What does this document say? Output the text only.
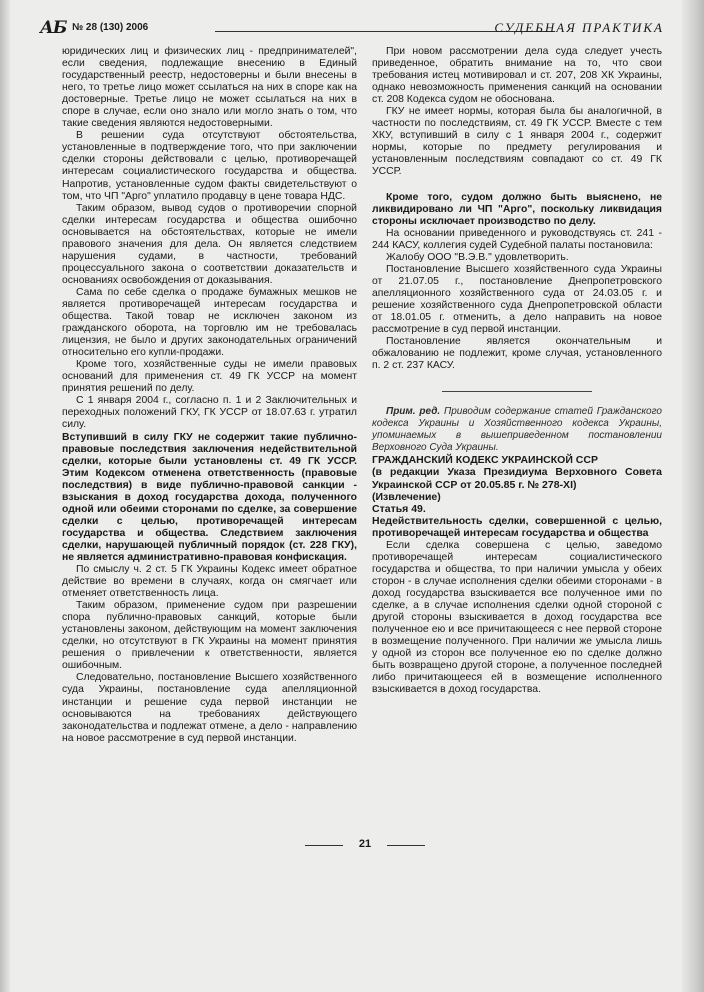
АБ № 28 (130) 2006	СУДЕБНАЯ ПРАКТИКА

юридических лиц и физических лиц - предпринимателей", если сведения, подлежащие внесению в Единый государственный реестр, недостоверны и были внесены в него, то третье лицо может ссылаться на них в споре как на достоверные. Третье лицо не может ссылаться на них в споре в случае, если оно знало или могло знать о том, что такие сведения являются недостоверными.

В решении суда отсутствуют обстоятельства, установленные в подтверждение того, что при заключении сделки стороны действовали с целью, противоречащей интересам социалистического государства и общества. Напротив, установленные судом факты свидетельствуют о том, что ЧП "Арго" уплатило продавцу в цене товара НДС.

Таким образом, вывод судов о противоречии спорной сделки интересам государства и общества ошибочно основывается на обстоятельствах, которые не имели правового значения для дела. Он является следствием нарушения судами, в частности, требований процессуального закона о соответствии доказательств и основаниях освобождения от доказывания.

Сама по себе сделка о продаже бумажных мешков не является противоречащей интересам государства и общества. Такой товар не исключен законом из гражданского оборота, на торговлю им не требовалась лицензия, не было и других законодательных ограничений относительно его купли-продажи.

Кроме того, хозяйственные суды не имели правовых оснований для применения ст. 49 ГК УССР на момент принятия решений по делу.

С 1 января 2004 г., согласно п. 1 и 2 Заключительных и переходных положений ГКУ, ГК УССР от 18.07.63 г. утратил силу.

Вступивший в силу ГКУ не содержит такие публично-правовые последствия заключения недействительной сделки, которые были установлены ст. 49 ГК УССР. Этим Кодексом отменена ответственность (правовые последствия) в виде публично-правовой санкции - взыскания в доход государства дохода, полученного одной или обеими сторонами по сделке, за совершение сделки с целью, противоречащей интересам государства и общества. Следствием заключения сделки, нарушающей публичный порядок (ст. 228 ГКУ), не является административно-правовая конфискация.

По смыслу ч. 2 ст. 5 ГК Украины Кодекс имеет обратное действие во времени в случаях, когда он смягчает или отменяет ответственность лица.

Таким образом, применение судом при разрешении спора публично-правовых санкций, которые были установлены законом, действующим на момент заключения сделки, но отсутствуют в ГК Украины на момент принятия решения о привлечении к ответственности, является ошибочным.

Следовательно, постановление Высшего хозяйственного суда Украины, постановление суда апелляционной инстанции и решение суда первой инстанции не основываются на требованиях действующего законодательства и подлежат отмене, а дело - направлению на новое рассмотрение в суд первой инстанции.

При новом рассмотрении дела суда следует учесть приведенное, обратить внимание на то, что свои требования истец мотивировал и ст. 207, 208 ХК Украины, однако невозможность применения санкций на основании ст. 208 Кодекса судом не обоснована.

ГКУ не имеет нормы, которая была бы аналогичной, в частности по последствиям, ст. 49 ГК УССР. Вместе с тем ХКУ, вступивший в силу с 1 января 2004 г., содержит нормы, которые по предмету регулирования и установленным последствиям совпадают со ст. 49 ГК УССР.

Кроме того, судом должно быть выяснено, не ликвидировано ли ЧП "Арго", поскольку ликвидация стороны исключает производство по делу.

На основании приведенного и руководствуясь ст. 241 - 244 КАСУ, коллегия судей Судебной палаты постановила:

Жалобу ООО "В.Э.В." удовлетворить.

Постановление Высшего хозяйственного суда Украины от 21.07.05 г., постановление Днепропетровского апелляционного хозяйственного суда от 24.03.05 г. и решение хозяйственного суда Днепропетровской области от 18.01.05 г. отменить, а дело направить на новое рассмотрение в суд первой инстанции.

Постановление является окончательным и обжалованию не подлежит, кроме случая, установленного п. 2 ст. 237 КАСУ.

Прим. ред. Приводим содержание статей Гражданского кодекса Украины и Хозяйственного кодекса Украины, упоминаемых в вышеприведенном постановлении Верховного Суда Украины.

ГРАЖДАНСКИЙ КОДЕКС УКРАИНСКОЙ ССР

(в редакции Указа Президиума Верховного Совета Украинской ССР от 20.05.85 г. № 278-XI)

(Извлечение)

Статья 49.

Недействительность сделки, совершенной с целью, противоречащей интересам государства и общества

Если сделка совершена с целью, заведомо противоречащей интересам социалистического государства и общества, то при наличии умысла у обеих сторон - в случае исполнения сделки обеими сторонами - в доход государства взыскивается все полученное ими по сделке, а в случае исполнения сделки одной стороной с другой стороны взыскивается в доход государства все полученное ею и все причитающееся с нее первой стороне в возмещение полученного. При наличии же умысла лишь у одной из сторон все полученное ею по сделке должно быть возвращено другой стороне, а полученное последней либо причитающееся ей в возмещение исполненного взыскивается в доход государства.

21
